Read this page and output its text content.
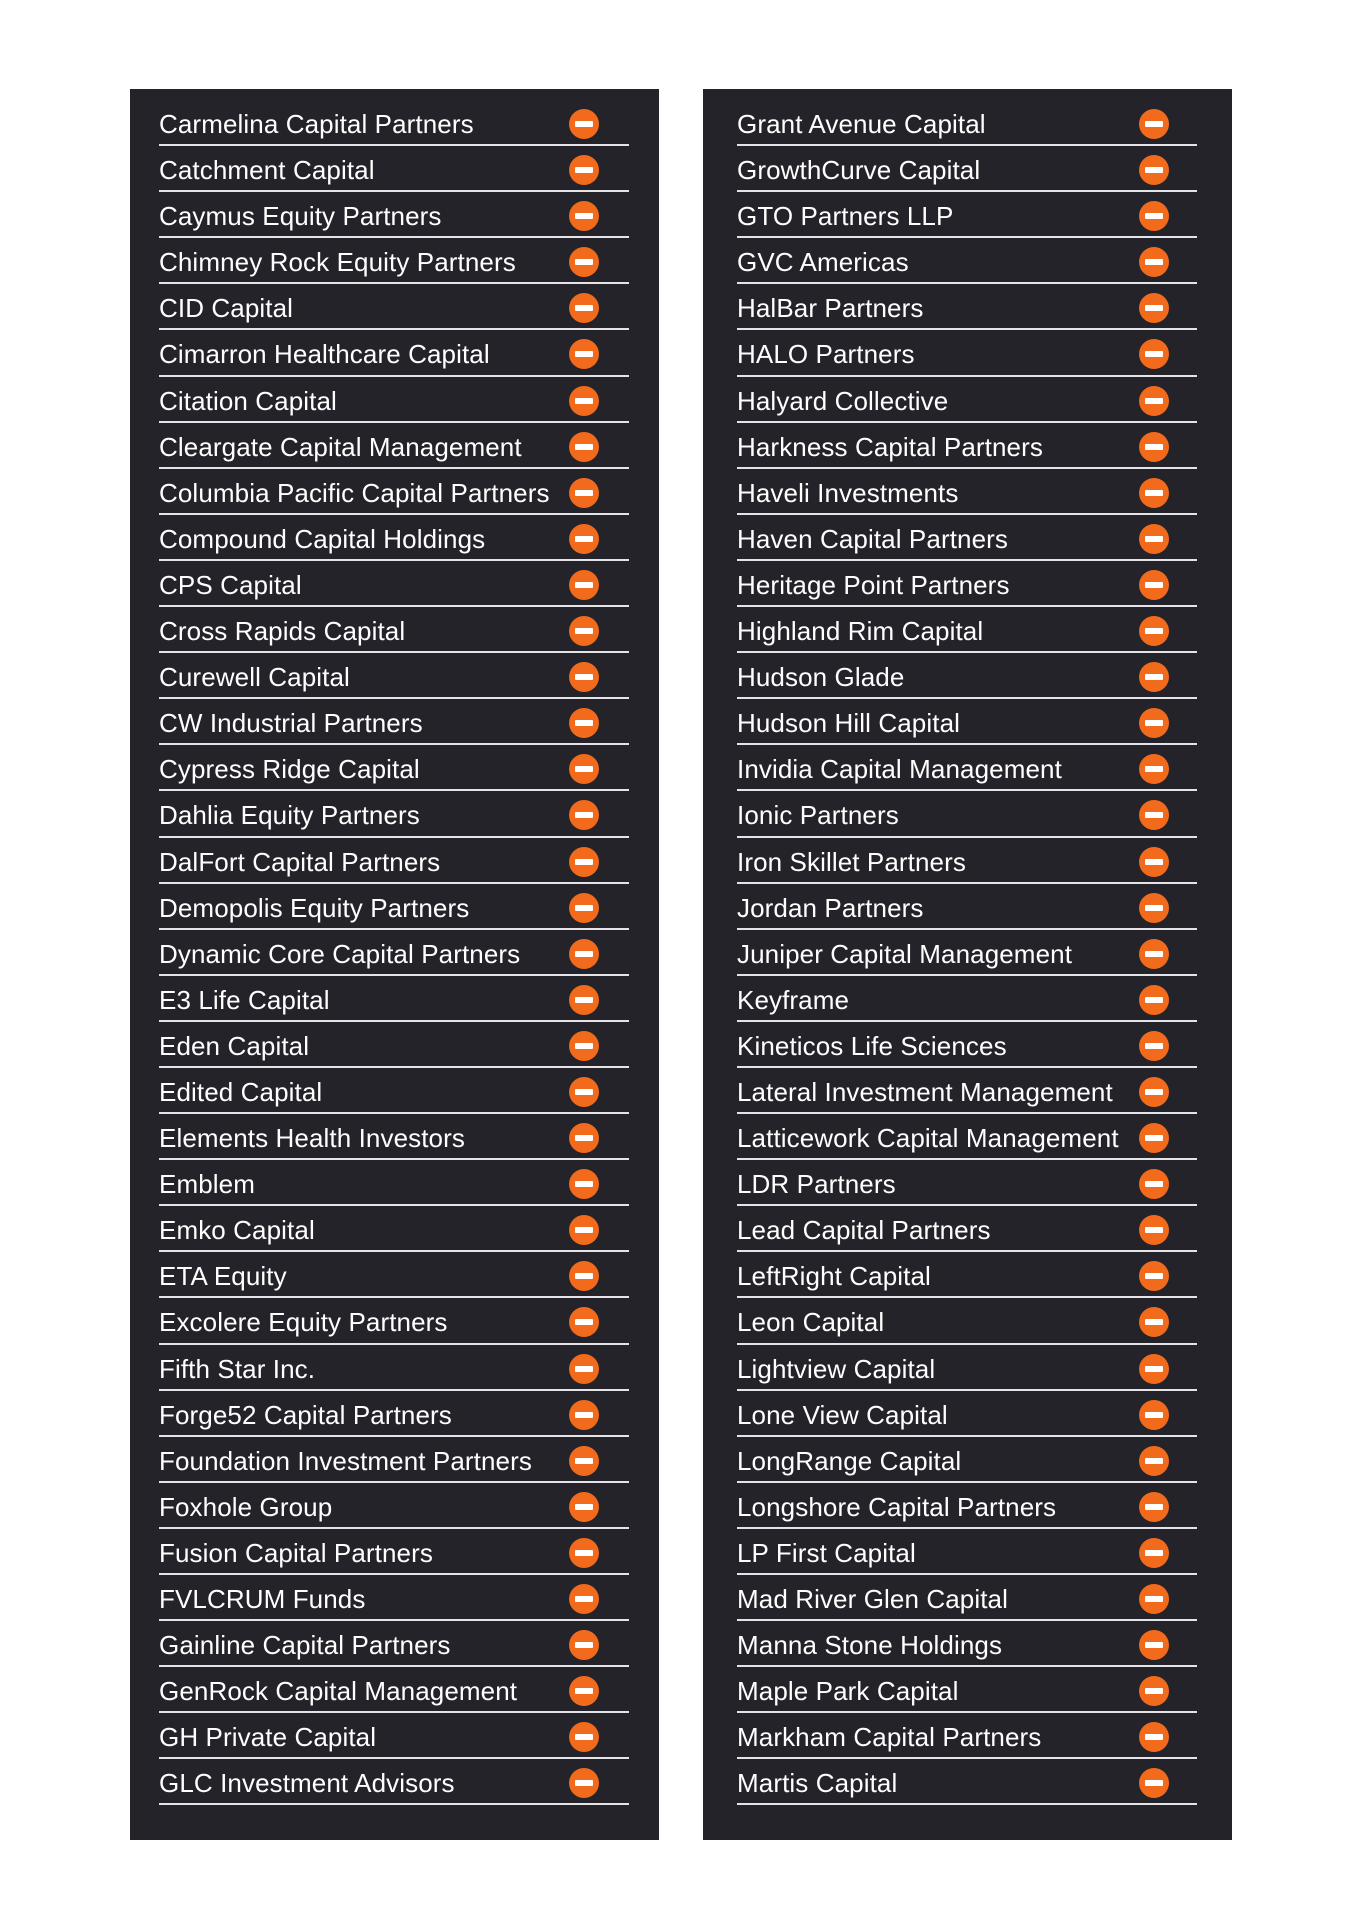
Carmelina Capital Partners
Catchment Capital
Caymus Equity Partners
Chimney Rock Equity Partners
CID Capital
Cimarron Healthcare Capital
Citation Capital
Cleargate Capital Management
Columbia Pacific Capital Partners
Compound Capital Holdings
CPS Capital
Cross Rapids Capital
Curewell Capital
CW Industrial Partners
Cypress Ridge Capital
Dahlia Equity Partners
DalFort Capital Partners
Demopolis Equity Partners
Dynamic Core Capital Partners
E3 Life Capital
Eden Capital
Edited Capital
Elements Health Investors
Emblem
Emko Capital
ETA Equity
Excolere Equity Partners
Fifth Star Inc.
Forge52 Capital Partners
Foundation Investment Partners
Foxhole Group
Fusion Capital Partners
FVLCRUM Funds
Gainline Capital Partners
GenRock Capital Management
GH Private Capital
GLC Investment Advisors
Grant Avenue Capital
GrowthCurve Capital
GTO Partners LLP
GVC Americas
HalBar Partners
HALO Partners
Halyard Collective
Harkness Capital Partners
Haveli Investments
Haven Capital Partners
Heritage Point Partners
Highland Rim Capital
Hudson Glade
Hudson Hill Capital
Invidia Capital Management
Ionic Partners
Iron Skillet Partners
Jordan Partners
Juniper Capital Management
Keyframe
Kineticos Life Sciences
Lateral Investment Management
Latticework Capital Management
LDR Partners
Lead Capital Partners
LeftRight Capital
Leon Capital
Lightview Capital
Lone View Capital
LongRange Capital
Longshore Capital Partners
LP First Capital
Mad River Glen Capital
Manna Stone Holdings
Maple Park Capital
Markham Capital Partners
Martis Capital
